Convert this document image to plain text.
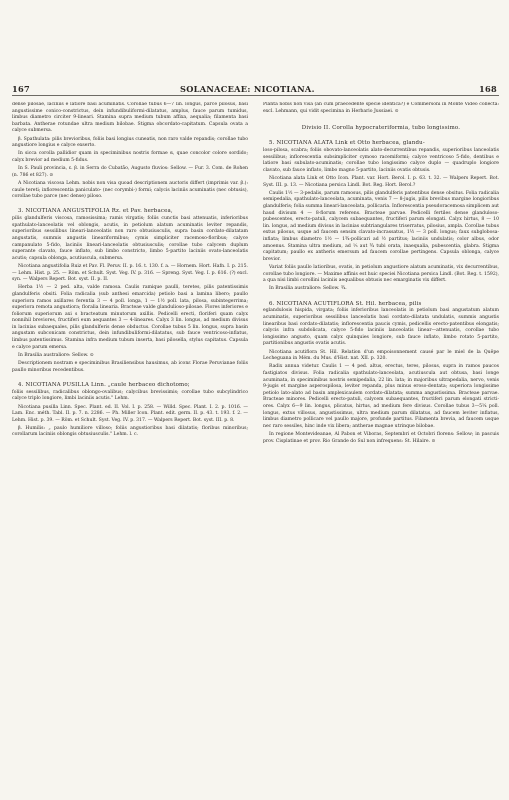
167	SOLANACEAE: NICOTIANA.	168

dense pilosae, laciniis e latiore basi acuminatis. Corollae tubus 6—7 lin. longus, parce pilosus, basi angustissime conico-constrictus, dein infundibuliformi-dilatatus, amplus, fauce parum tumidus, limbus diametro circiter 9-lineari. Stamina supra medium tubum affixa, aequalia; filamenta basi barbata. Antherae rotundae ultra medium bilobae. Stigma obcordato-capitatum. Capsula ovata a calyce submersa.

β. Spathulata: pilis brevioribus, foliis basi longius cuneatis, non raro valde repandis; corollae tubo angustiore longius e calyce exserto.

In sicca corolla pallidior quam in speciminibus nostris formae α, quae concolor colore sordido; calyx brevior ad medium 5-fidus.

In S. Pauli provincia, ε. β. in Serra do Cubatão, Augusto fluvios: Sellow. — Fur. 3. Com. de Rohen (n. 786 et 827). ⊙

A Nicotiana viscosa Lehm. nobis non visa quoad descriptionem auctoris differt (imprimis var. β.): caule tereti; inflorescentia paniculato- (nec corymbi-) formi; calycis laciniis acuminatis (nec obtusis), corollae tubo parce (nec dense) piloso.

3. NICOTIANA ANGUSTIFOLIA Rz. et Pav. herbacea,

pilis glandulferis viscosa, ramosissima; ramis virgatis; foliis cunctis basi attenuatis, inferioribus spathulato-lanceolatis vel oblongis, acutis, in petiolum alatum acuminatis leviter repandis, superioribus sessilibus lineari-lanceolatis non raro obtusiusculis, supra basin cordato-dilatatam angustatis, summis angustis lineariformibus; cymis simpliciter racemoso-floribus; calyce campanulato 5-fido, laciniis lineari-lanceolatis obtusiusculis; corollae tubo calycem duplum superante clavato, fauce inflato, sub limbo constricto, limbo 5-partito laciniis ovato-lanceolatis acutis; capsula oblonga, acutiuscula, submersa.

Nicotiana angustifolia Ruiz et Pav. Fl. Peruv. II. p. 16. t. 130. f. a. — Hornem. Hort. Hafn. I. p. 215. — Lehm. Hist. p. 25. — Röm. et Schult. Syst. Veg. IV. p. 316. — Spreng. Syst. Veg. I. p. 616. (?) excl. syn. — Walpers Repert. Bot. syst. II. p. II.

Herba 1½ — 2 ped. alta, valde ramosa. Caulis ramique paulli, teretes, pilis patentissimis glandulferis obsiti. Folia radicalia (sub anthesi emarcida) petiolo basi a lamina libero; paullo superiora ramos axillares ferentia 3 — 4 poll. longa, 1 — 1½ poll. lata, pilosa, subintegerrima; superiora remota angustiora; floralia linearia. Bracteae valde glandulioso-pilosae. Flores inferiores e foliorum superiorum axi s bracteatum minutorum axillis. Pedicelli erecti, floriferi quam calyx nonnihil breviores, fructiferi eum aequantes 3 — 4-lineares. Calyx 3 lin. longus, ad medium divisus in lacinias subaequales, pilis glandulferis dense obductus. Corollae tubus 5 lin. longus, supra basin angustam subconicam constrictus, dein infundibuliformi-dilatatus, sub fauce ventricoso-inflatus, limbus patentissimus. Stamina infra medium tubum inserta, basi pilosella, stylus capitatus. Capsula e calyce parum emersa.

In Brasilia australiore: Sellow. ⊙

Descriptionem nostram e speciminibus Brasiliensibus hausimus, ab iconε Florae Peruvianae foliis paullo minoribus recedentibus.

4. NICOTIANA PUSILLA Linn. „caule herbaceo dichotomo;

foliis sessilibus, radicalibus oblongo-ovalibus; calycibus brevissimis; corollae tubo subcylindrico calyce triplo longiore, limbi laciniis acutis." Lehm.

Nicotiana pusilla Linn. Spec. Plant. ed. II. Vol. I. p. 258. — Willd. Spec. Plant. I. 2. p. 1016. — Lam. Enc. méth. Tabl. II. p. 7. n. 2286. — Ph. Miller Icon. Plant. edit. germ. II. p. 43. t. 193. f. 2. — Lehm. Hist. p. 39. — Röm. et Schult. Syst. Veg. IV. p. 317. — Walpers Repert. Bot. syst. III. p. 8.

β. Humilis: „ paulo humiliore villoso; foliis angustioribus basi dilatatis; floribus minoribus; corollarum laciniis oblongis obtusiusculis." Lehm. l. c.

Planta nobis non visa (an cum praecedente specie identica?) e Commersoni in Monte Video collecta: excl. Lehmann, qui vidit specimina in Herbario Jussiaei. ⊙

Divisio II. Corolla hypocrateriformia, tubo longissimo.
5. NICOTIANA ALATA Link et Otto herbacea, glandu-

loso-pilosa, scabra; foliis obovato-lanceolatis alato-decurrentibus repandis, superioribus lanceolatis sessilibus; inflorescentia subsimpliciter cymoso racemiformi; calyce ventricoso 5-fido, dentibus e latiore basi subulato-acuminatis; corollae tubo longissimo calyce duplo — quadruplo longiore clavato, sub fauce inflato, limbo magno 5-partito, laciniis ovatis obtusis.

Nicotiana alata Link et Otto Icon. Plant. var. Hort. Berol. I. p. 63. t. 32. — Walpers Repert. Bot. Syst. III. p. 13. — Nicotiana persica Lindl. Bot. Reg. Hort. Berol.?

Caulis 1½ — 3-pedalis, parum ramosus, pilis glandulferis patentibus dense obsitus. Folia radicalia semipedalia, spathulato-lanceolata, acuminata, venis 7 — 8-jugis, pilis brevibus margine longioribus glandulferis; folia summa lineari-lanceolata, pollicaria. Inflorescentia pseudoracemosa simplicem aut haud divisum 4 — 8-florum referens. Bracteae parvae. Pedicelli fertiles dense glanduloso-pubescentes, erecto-patuli, calycem subaequantes, fructiferi parum elongati. Calyx hirtus, 8 — 10 lin. longus, ad medium divisus in lacinias subtriangulares triserratus, pilosius, ampla. Corollae tubus extus pilosus, usque ad faucem sensim clavato-incrassatus, 1½ — 3 poll. longus; faux subglobosa-inflata; limbus diametro 1½ — 1¾-pollicari ad ½ partitus; laciniis undulatis; color albus, odor amoenus. Stamina ultra medium, ad ⅓ aut ¾ tubi orata, inaequalia, pubescentia, glabra. Stigma capitatum; paullo ex antheris emersum ad faucem corollae pertingens. Capsula oblonga, calyce brevior.

Variat foliis paullo latioribus, ovatis, in petiolum angustiore alatum acuminatis, vix decurrentibus, corollae tubo longiore. — Maxime affinis est huic speciei Nicotiana persica Lindl. (Bot. Reg. t. 1592), a qua nisi limbi corollini laciniis aequalibus obtusis nec emarginatis vix differt.

In Brasilia australiore: Sellow. ¾.

6. NICOTIANA ACUTIFLORA St. Hil. herbacea, pilis

eglandulosis hispida, virgata; foliis inferioribus lanceolatis in petiolum basi angustatum alatum acuminatis, superioribus sessilibus lanceolatis basi cordato-dilatata undulatis, summis angustis linearibus basi cordato-dilatatis; inflorescentia paucis cymis, pedicellis erecto-patentibus elongatis; calycis infra subdolicata, calyce 5-fido laciniis lanceolatis linear—attenuatis, corollae tubo longissimo angusto, quam calyx quinquies longiore, sub fauce inflato, limbo rotato 5-partito, partitionibus angustis ovatis acutis.

Nicotiana acutiflora St. Hil. Relation d'un empoisonnement causé par le miel de la Quêpe Lecheguana in Mém. du Mus. d'Hist. nat. XII. p. 320.

Radix annua videtur. Caulis 1 — 4 ped. altus, erectus, teres, pilosus, supra in ramos paucos fastigiatos divisus. Folia radicalia spathulato-lanceolata, acutiuscula aut obtusa, basi longe acuminata, in speciminibus nostris semipedalia, 22 lin. lata; in majoribus ultrapedalia, nervo, venis 9-jugis et margine asperospilosa, leviter repanda, plus minus eroso-dentata; superiora longissime petiolo lato-alato ad basin amplexicaulem cordato-dilatata; summa angustissima. Bracteae parvae. Bracteae minores. Pedicelli erecto-patuli, calycem subaequantes, fructiferi parum elongati stricti-ores. Calyx 6—9 lin. longus, plicatus, hirtus, ad medium fere divisus. Corollae tubus 3—5¼ poll. longus, extus villosus, angustissimus, ultra medium parum dilatatus, ad faucem leviter inflatus, limbus diametro pollicare vel paullo majore, profunde partitus. Filamenta brevia, ad faucem usque nec raro sessiles, hinc inde vix libera; antherae magnae utrinque bilobae.

In regione Montevideanae, Al Pabon et Viboras, Septembri et Octobri florens: Sellow; in pascuis prov. Cisplatinae et prov. Rio Grande do Sul non infrequens: St. Hilaire. ⊙
